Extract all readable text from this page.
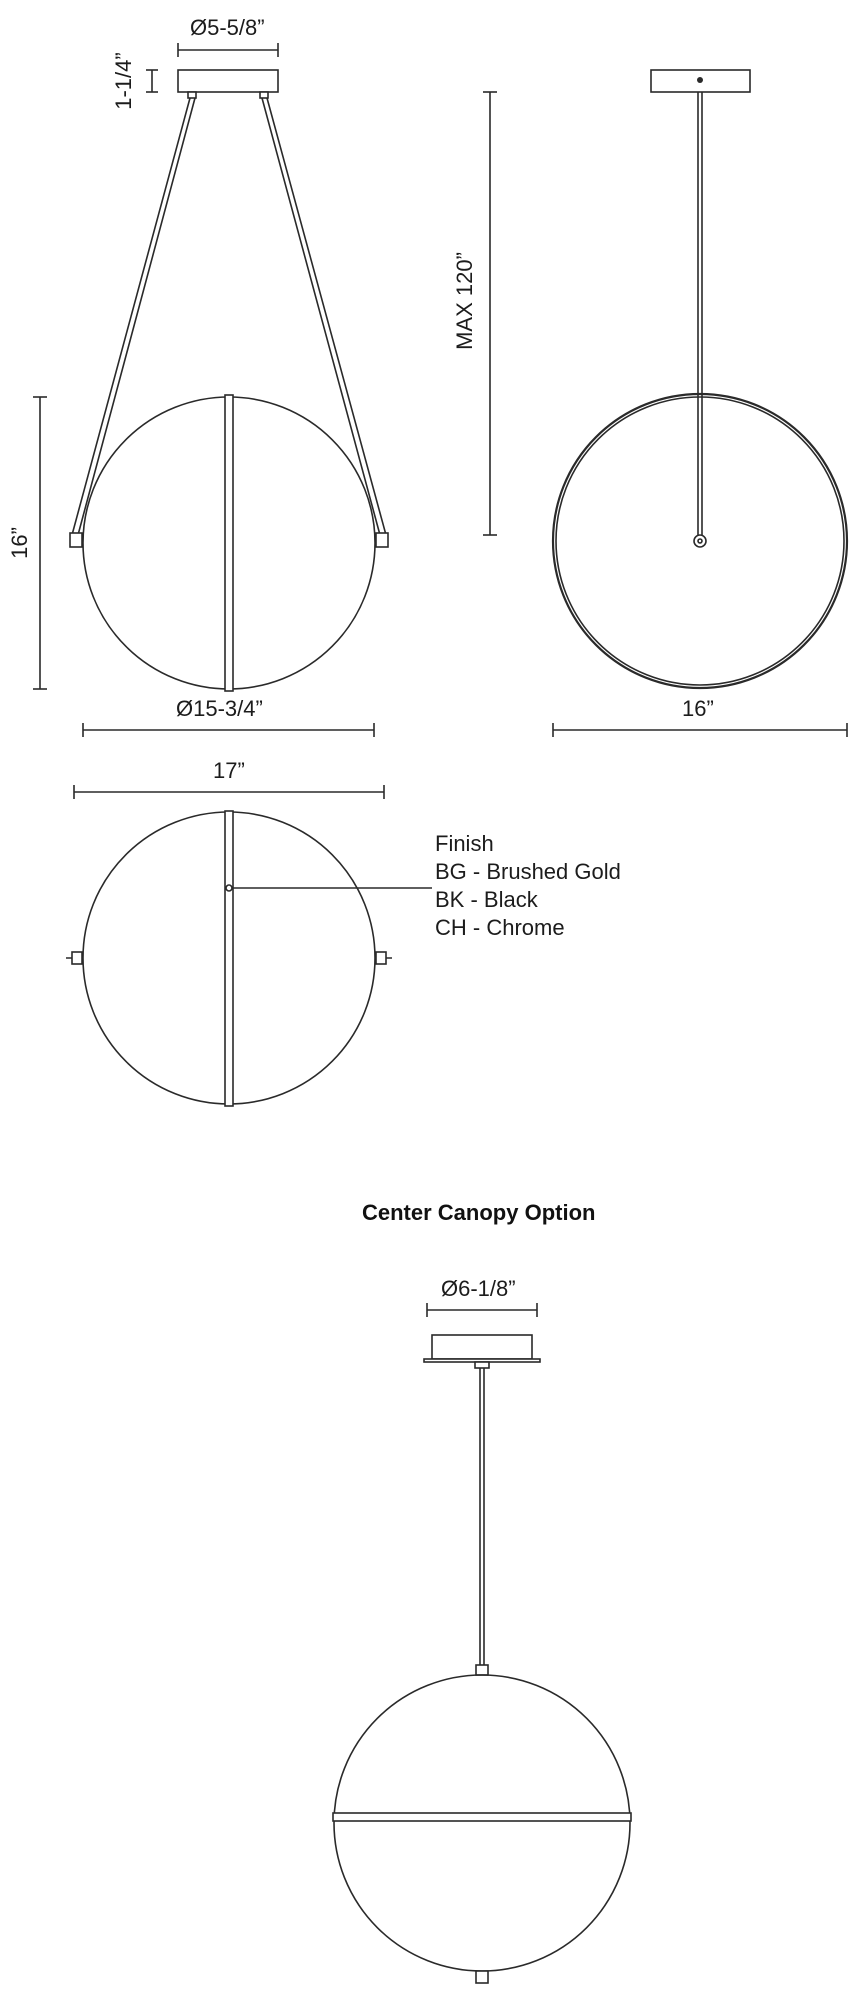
Ø5-5/8”
1-1/4”
16”
Ø15-3/4”
MAX 120”
16”
17”
Finish
BG - Brushed Gold
BK - Black
CH - Chrome
Center Canopy Option
Ø6-1/8”
